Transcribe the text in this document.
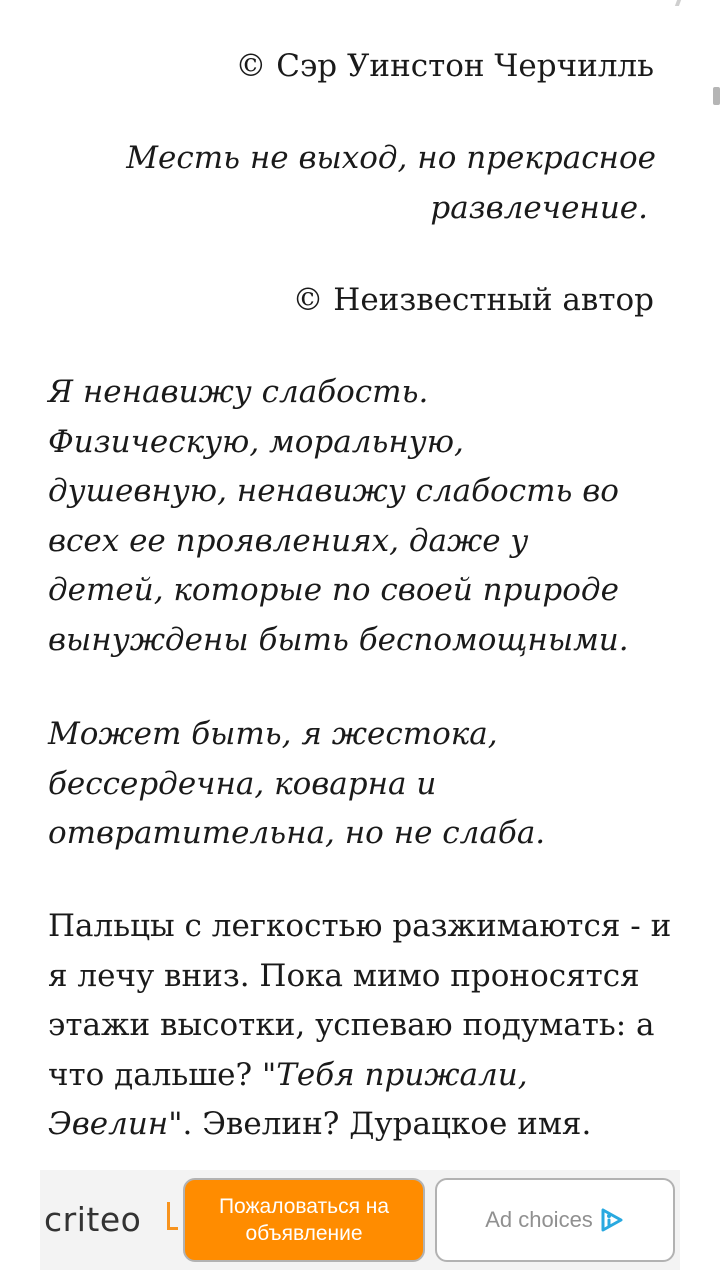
© Сэр Уинстон Черчилль
Месть не выход, но прекрасное
развлечение.
© Неизвестный автор

Я ненавижу слабость. Физическую, моральную, душевную, ненавижу слабость во всех ее проявлениях, даже у детей, которые по своей природе вынуждены быть беспомощными.

Может быть, я жестока, бессердечна, коварна и отвратительна, но не слаба.

Пальцы с легкостью разжимаются - и я лечу вниз. Пока мимо проносятся этажи высотки, успеваю подумать: а что дальше? "Тебя прижали, Эвелин". Эвелин? Дурацкое имя.

criteo	Пожаловаться на объявление
Ad choices
